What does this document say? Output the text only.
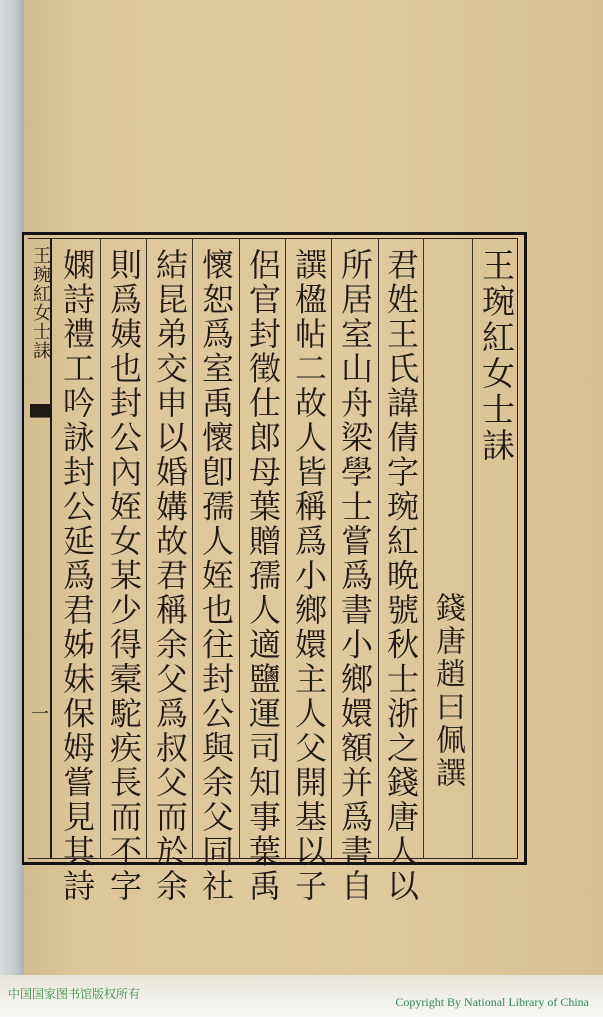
王琬紅女士誄
一
王琬紅女士誄
錢唐趙曰佩譔
君姓王氏諱倩字琬紅晩號秋士浙之錢唐人以
所居室山舟梁學士嘗爲書小鄉嬛額并爲書自
譔楹帖二故人皆稱爲小鄉嬛主人父開基以子
侶官封徵仕郎母葉贈孺人適鹽運司知事葉禹
懷恕爲室禹懷卽孺人姪也往封公與余父同社
結昆弟交申以婚媾故君稱余父爲叔父而於余
則爲姨也封公內姪女某少得槖駝疾長而不字
嫻詩禮工吟詠封公延爲君姊妹保姆嘗見其詩
中国国家图书馆版权所有
Copyright By National Library of China
